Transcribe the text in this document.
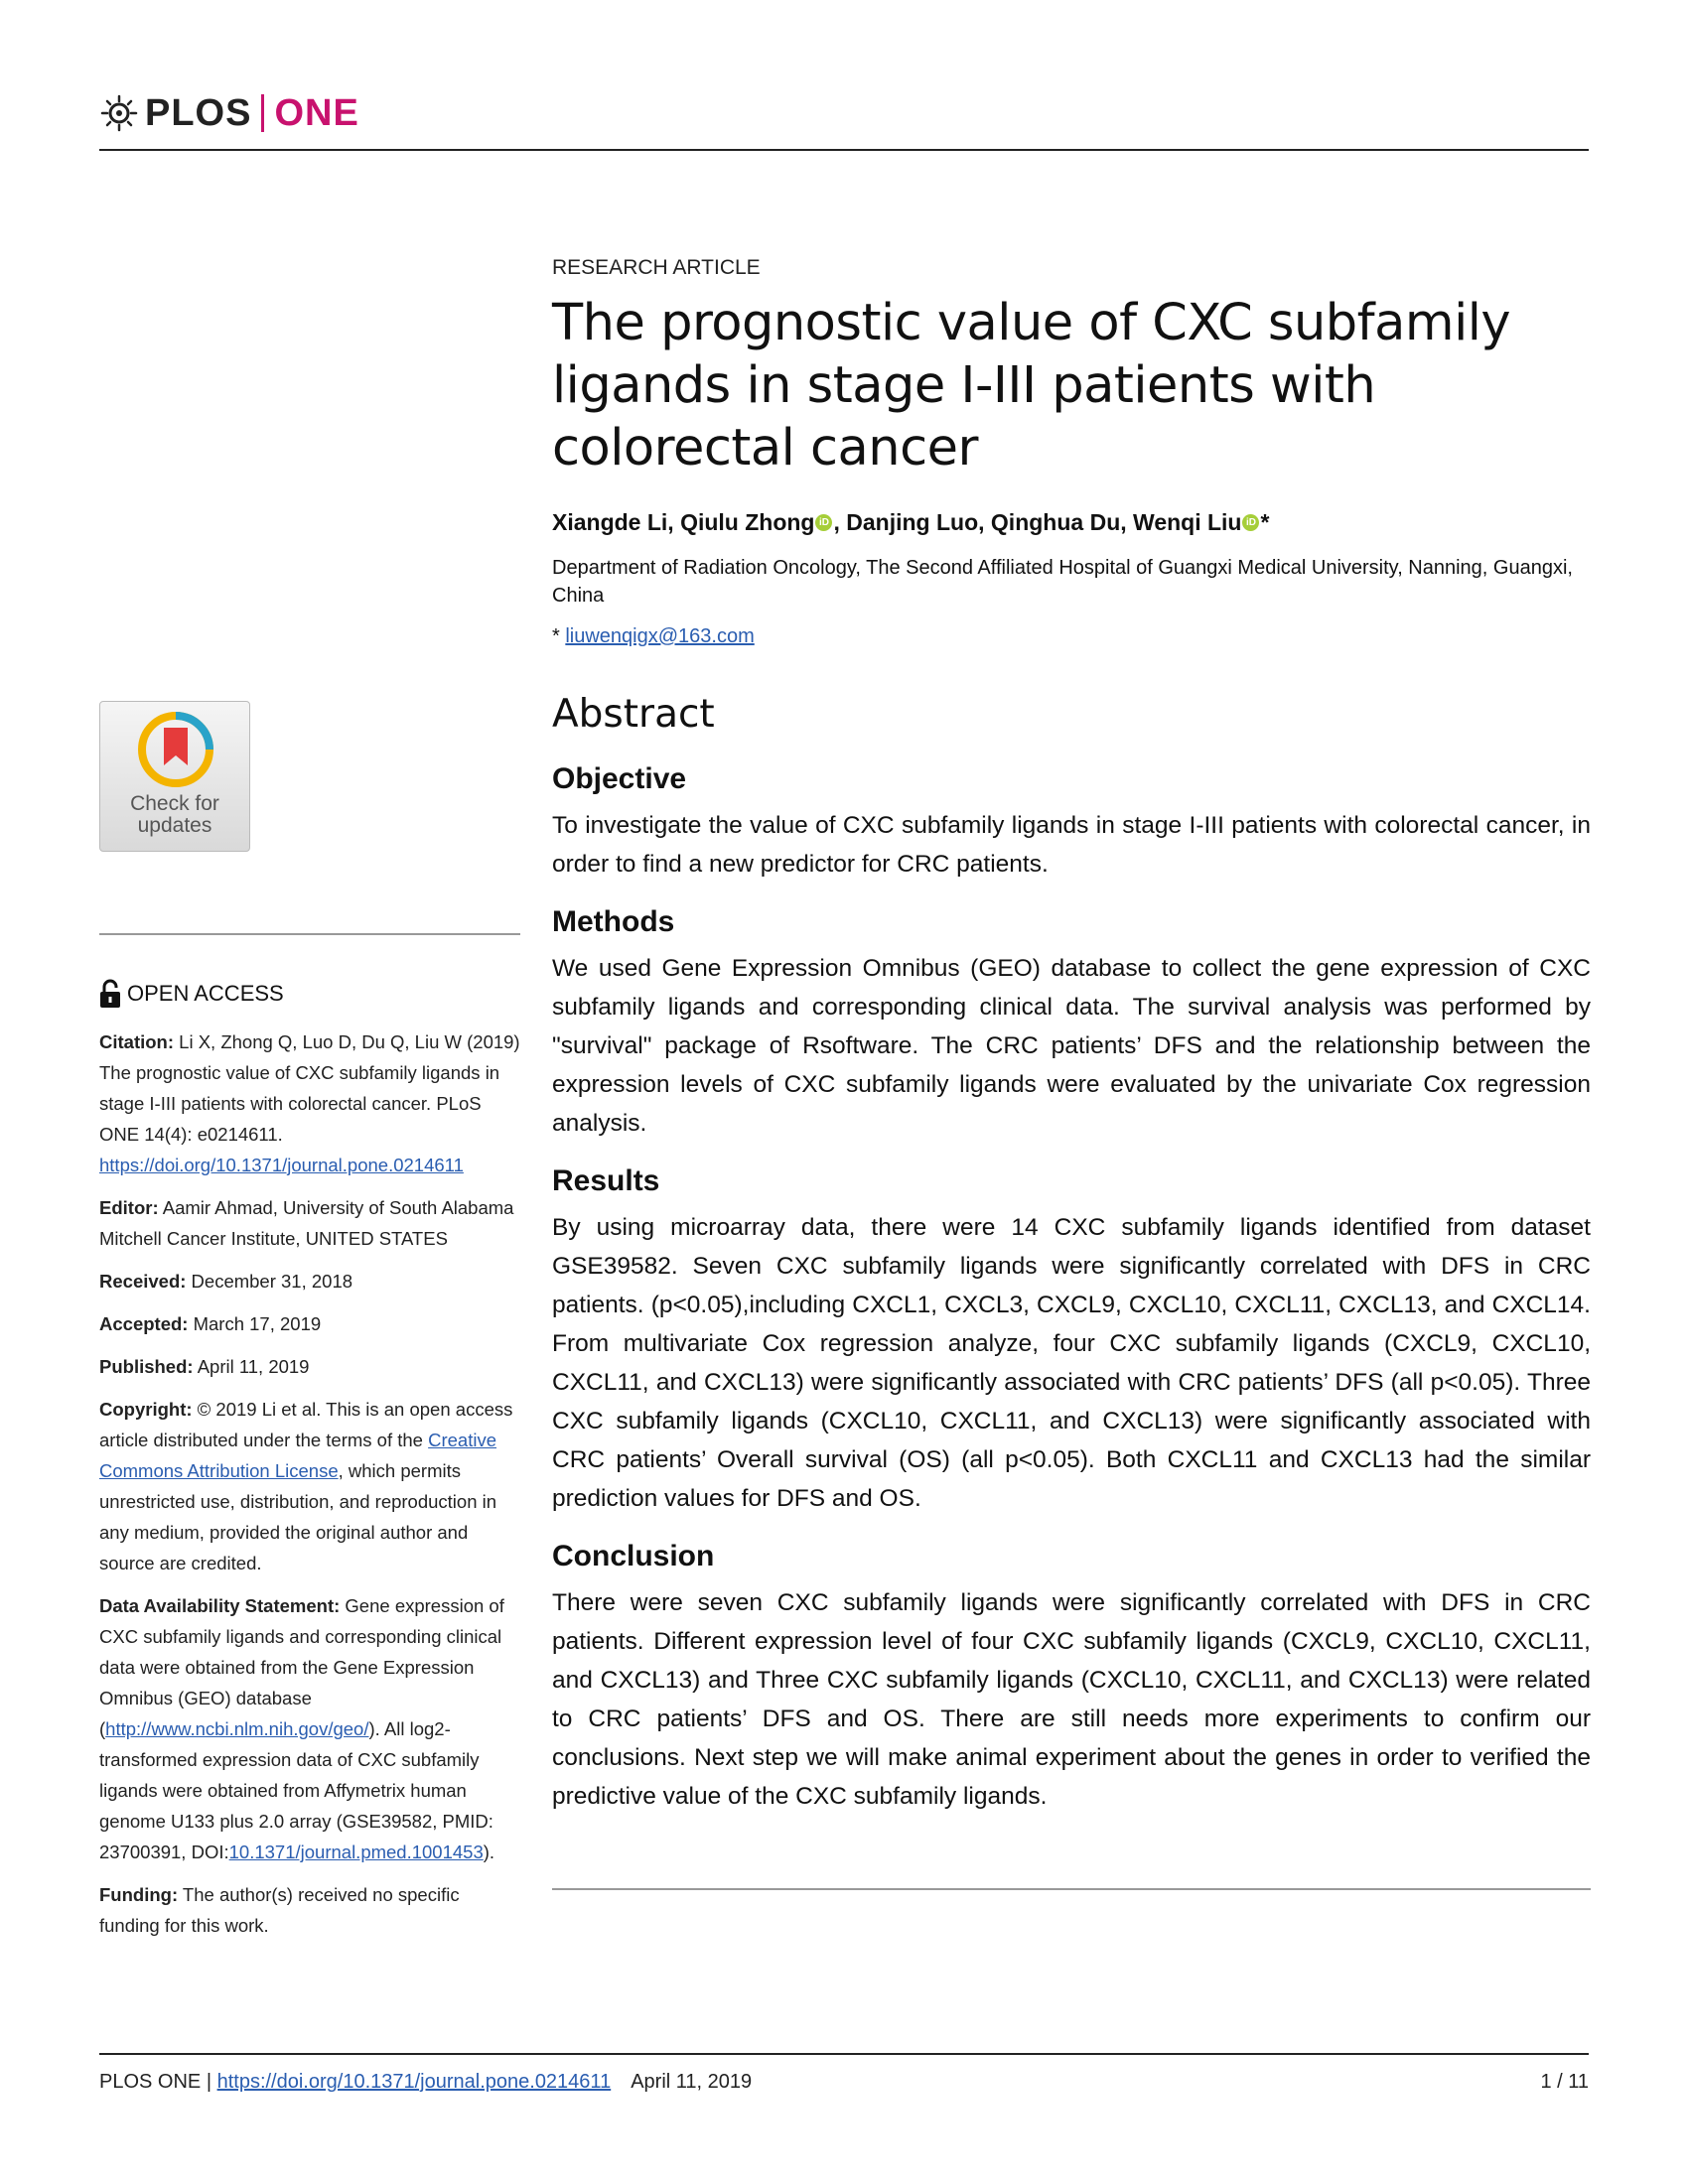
PLOS ONE
RESEARCH ARTICLE
The prognostic value of CXC subfamily ligands in stage I-III patients with colorectal cancer
Xiangde Li , Qiulu Zhong iD , Danjing Luo , Qinghua Du , Wenqi Liu iD *
Department of Radiation Oncology, The Second Affiliated Hospital of Guangxi Medical University, Nanning, Guangxi, China
* liuwenqigx@163.com
Abstract
Objective

To investigate the value of CXC subfamily ligands in stage I-III patients with colorectal cancer, in order to find a new predictor for CRC patients.

Methods

We used Gene Expression Omnibus (GEO) database to collect the gene expression of CXC subfamily ligands and corresponding clinical data. The survival analysis was performed by "survival" package of Rsoftware. The CRC patients’ DFS and the relationship between the expression levels of CXC subfamily ligands were evaluated by the univariate Cox regression analysis.

Results

By using microarray data, there were 14 CXC subfamily ligands identified from dataset GSE39582. Seven CXC subfamily ligands were significantly correlated with DFS in CRC patients. (p<0.05),including CXCL1, CXCL3, CXCL9, CXCL10, CXCL11, CXCL13, and CXCL14. From multivariate Cox regression analyze, four CXC subfamily ligands (CXCL9, CXCL10, CXCL11, and CXCL13) were significantly associated with CRC patients’ DFS (all p<0.05). Three CXC subfamily ligands (CXCL10, CXCL11, and CXCL13) were significantly associated with CRC patients’ Overall survival (OS) (all p<0.05). Both CXCL11 and CXCL13 had the similar prediction values for DFS and OS.

Conclusion

There were seven CXC subfamily ligands were significantly correlated with DFS in CRC patients. Different expression level of four CXC subfamily ligands (CXCL9, CXCL10, CXCL11, and CXCL13) and Three CXC subfamily ligands (CXCL10, CXCL11, and CXCL13) were related to CRC patients’ DFS and OS. There are still needs more experiments to confirm our conclusions. Next step we will make animal experiment about the genes in order to verified the predictive value of the CXC subfamily ligands.

Check for updates
OPEN ACCESS

Citation: Li X, Zhong Q, Luo D, Du Q, Liu W (2019) The prognostic value of CXC subfamily ligands in stage I-III patients with colorectal cancer. PLoS ONE 14(4): e0214611. https://doi.org/10.1371/journal.pone.0214611

Editor: Aamir Ahmad, University of South Alabama Mitchell Cancer Institute, UNITED STATES

Received: December 31, 2018

Accepted: March 17, 2019

Published: April 11, 2019

Copyright: © 2019 Li et al. This is an open access article distributed under the terms of the Creative Commons Attribution License, which permits unrestricted use, distribution, and reproduction in any medium, provided the original author and source are credited.

Data Availability Statement: Gene expression of CXC subfamily ligands and corresponding clinical data were obtained from the Gene Expression Omnibus (GEO) database (http://www.ncbi.nlm.nih.gov/geo/). All log2-transformed expression data of CXC subfamily ligands were obtained from Affymetrix human genome U133 plus 2.0 array (GSE39582, PMID: 23700391, DOI:10.1371/journal.pmed.1001453).

Funding: The author(s) received no specific funding for this work.

PLOS ONE | https://doi.org/10.1371/journal.pone.0214611 April 11, 2019	1 / 11
